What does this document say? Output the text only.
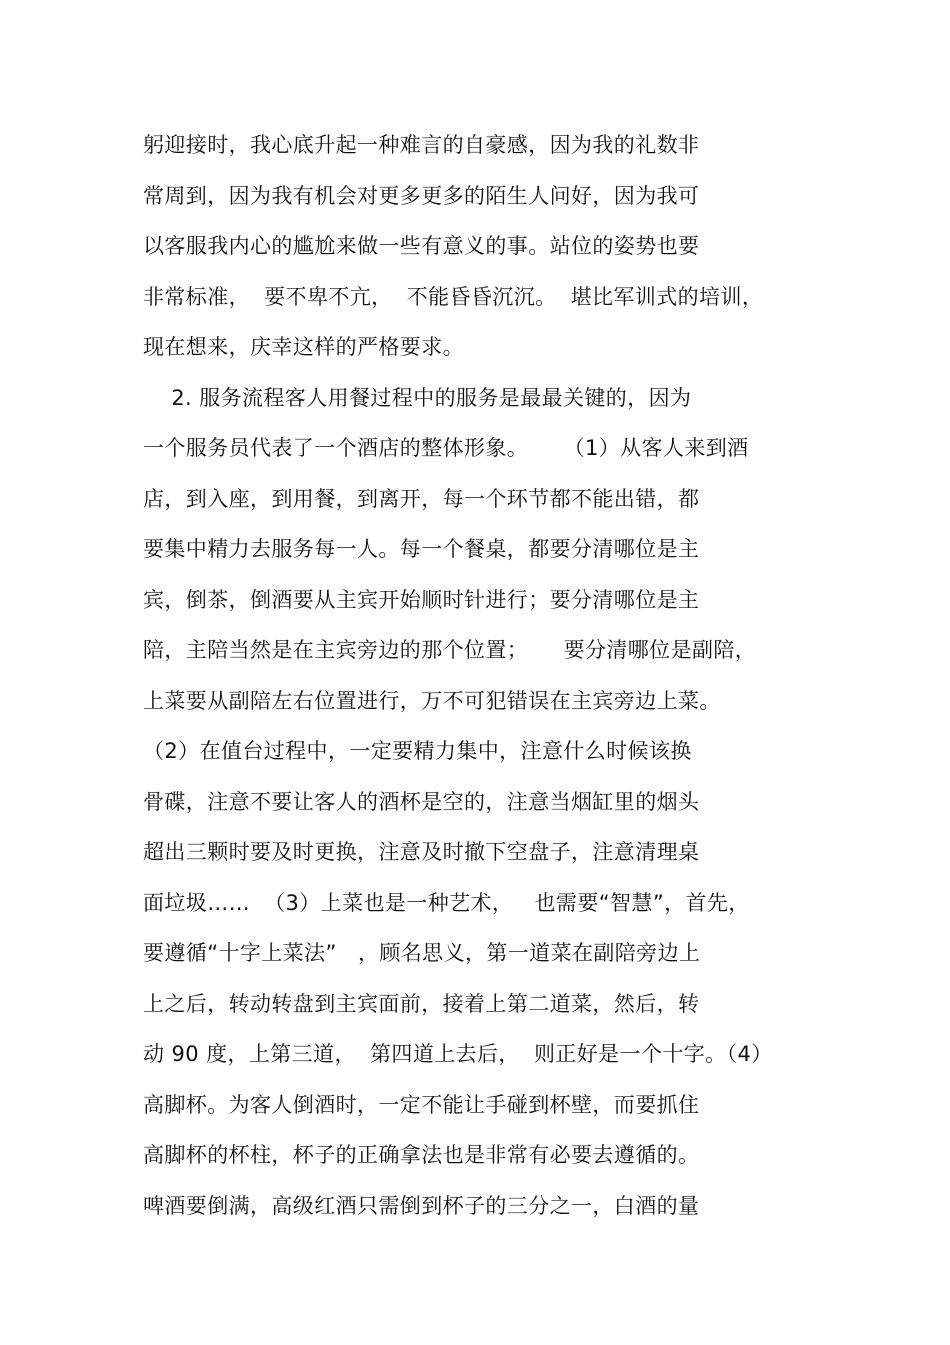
躬迎接时，我心底升起一种难言的自豪感，因为我的礼数非
常周到，因为我有机会对更多更多的陌生人问好，因为我可
以客服我内心的尴尬来做一些有意义的事。站位的姿势也要
非常标准，  要不卑不亢，  不能昏昏沉沉。  堪比军训式的培训，
现在想来，庆幸这样的严格要求。
2. 服务流程客人用餐过程中的服务是最最关键的，因为
一个服务员代表了一个酒店的整体形象。     （1）从客人来到酒
店，到入座，到用餐，到离开，每一个环节都不能出错，都
要集中精力去服务每一人。每一个餐桌，都要分清哪位是主
宾，倒茶，倒酒要从主宾开始顺时针进行；要分清哪位是主
陪，主陪当然是在主宾旁边的那个位置；     要分清哪位是副陪，
上菜要从副陪左右位置进行，万不可犯错误在主宾旁边上菜。
（2）在值台过程中，一定要精力集中，注意什么时候该换
骨碟，注意不要让客人的酒杯是空的，注意当烟缸里的烟头
超出三颗时要及时更换，注意及时撤下空盘子，注意清理桌
面垃圾……  （3）上菜也是一种艺术，   也需要“智慧”，首先，
要遵循“十字上菜法”   ，顾名思义，第一道菜在副陪旁边上
上之后，转动转盘到主宾面前，接着上第二道菜，然后，转
动 90 度，上第三道，  第四道上去后，  则正好是一个十字。（4）
高脚杯。为客人倒酒时，一定不能让手碰到杯壁，而要抓住
高脚杯的杯柱，杯子的正确拿法也是非常有必要去遵循的。
啤酒要倒满，高级红酒只需倒到杯子的三分之一，白酒的量
